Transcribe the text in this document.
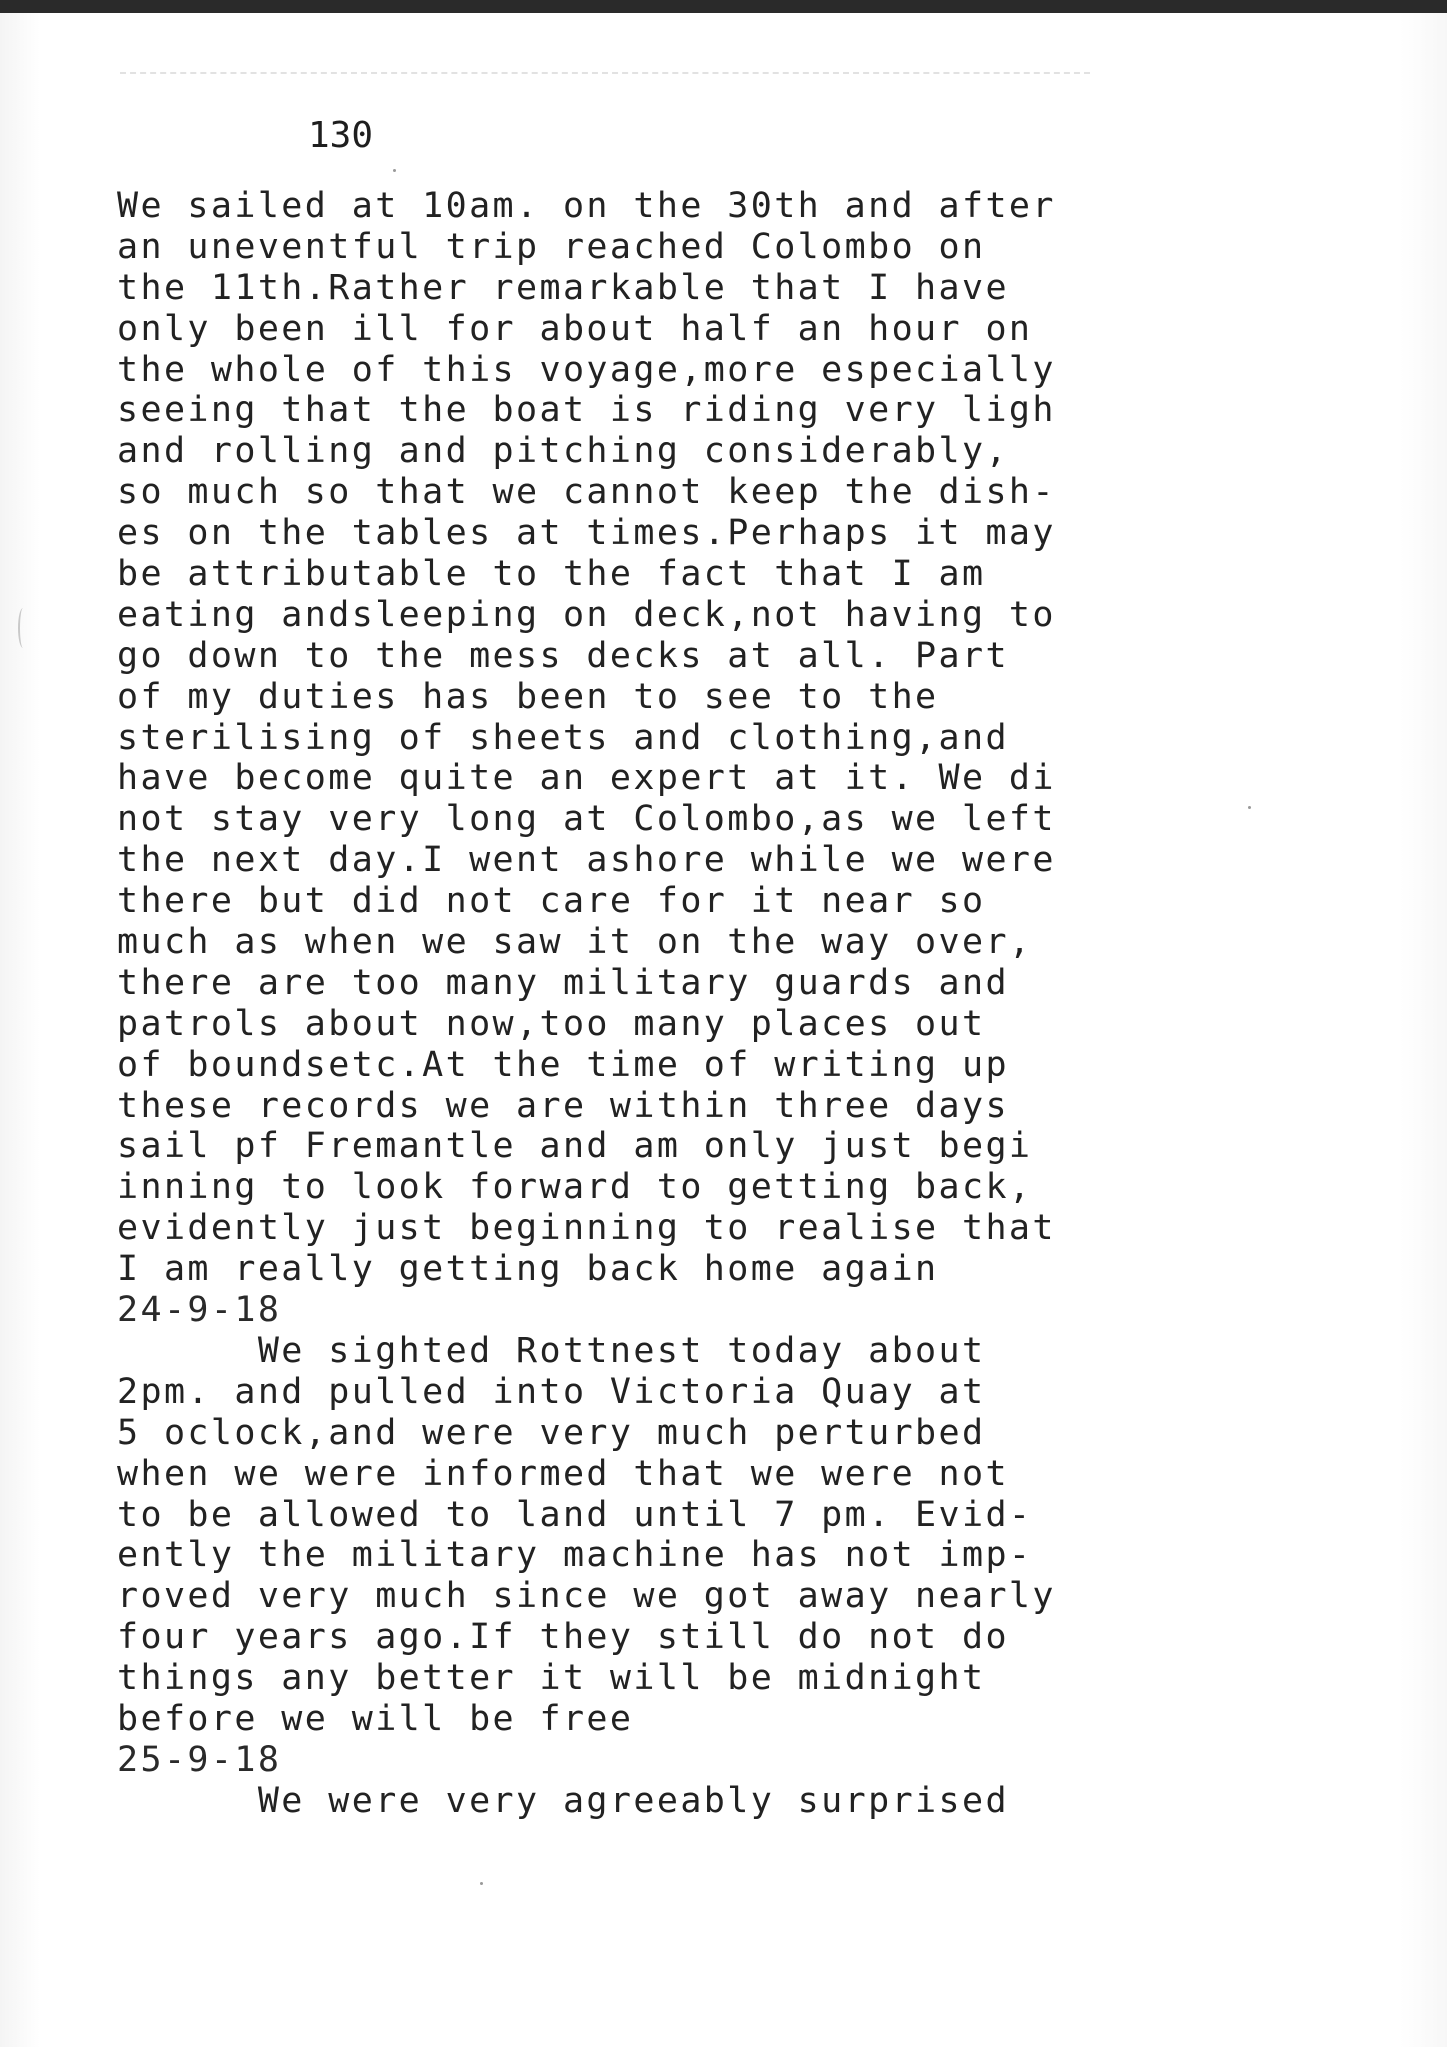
130
We sailed at 10am. on the 30th and after
an uneventful trip reached Colombo on
the 11th.Rather remarkable that I have
only been ill for about half an hour on
the whole of this voyage,more especially
seeing that the boat is riding very ligh
and rolling and pitching considerably,
so much so that we cannot keep the dish-
es on the tables at times.Perhaps it may
be attributable to the fact that I am
eating andsleeping on deck,not having to
go down to the mess decks at all. Part
of my duties has been to see to the
sterilising of sheets and clothing,and
have become quite an expert at it. We di
not stay very long at Colombo,as we left
the next day.I went ashore while we were
there but did not care for it near so
much as when we saw it on the way over,
there are too many military guards and
patrols about now,too many places out
of boundsetc.At the time of writing up
these records we are within three days
sail pf Fremantle and am only just begi
inning to look forward to getting back,
evidently just beginning to realise that
I am really getting back home again
24-9-18
We sighted Rottnest today about
2pm. and pulled into Victoria Quay at
5 oclock,and were very much perturbed
when we were informed that we were not
to be allowed to land until 7 pm. Evid-
ently the military machine has not imp-
roved very much since we got away nearly
four years ago.If they still do not do
things any better it will be midnight
before we will be free
25-9-18
We were very agreeably surprised
